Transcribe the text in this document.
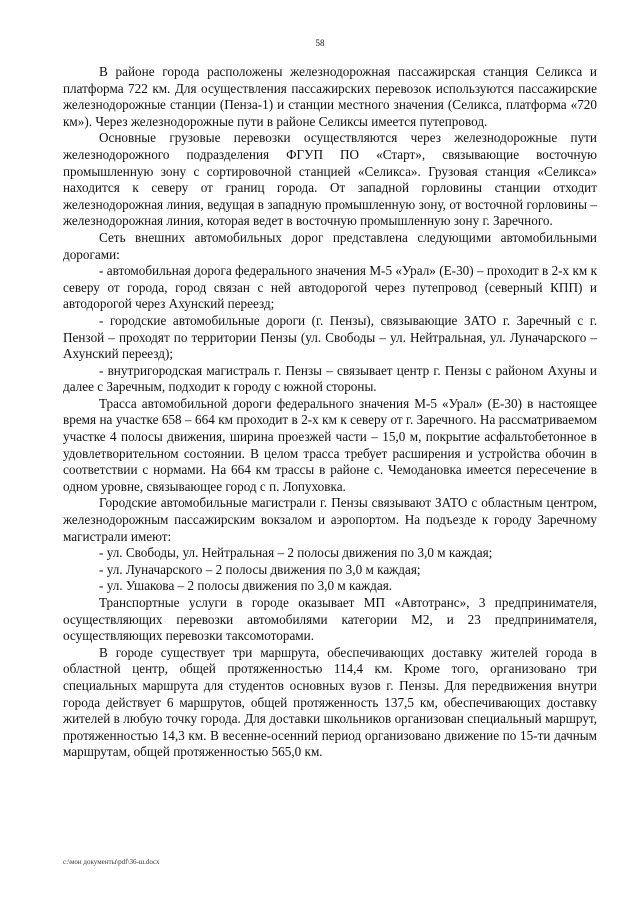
58

В районе города расположены железнодорожная пассажирская станция Селикса и платформа 722 км. Для осуществления пассажирских перевозок используются пассажирские железнодорожные станции (Пенза-1) и станции местного значения (Селикса, платформа «720 км»). Через железнодорожные пути в районе Селиксы имеется путепровод.

Основные грузовые перевозки осуществляются через железнодорожные пути железнодорожного подразделения ФГУП ПО «Старт», связывающие восточную промышленную зону с сортировочной станцией «Селикса». Грузовая станция «Селикса» находится к северу от границ города. От западной горловины станции отходит железнодорожная линия, ведущая в западную промышленную зону, от восточной горловины – железнодорожная линия, которая ведет в восточную промышленную зону г. Заречного.

Сеть внешних автомобильных дорог представлена следующими автомобильными дорогами:

- автомобильная дорога федерального значения М-5 «Урал» (Е-30) – проходит в 2-х км к северу от города, город связан с ней автодорогой через путепровод (северный КПП) и автодорогой через Ахунский переезд;

- городские автомобильные дороги (г. Пензы), связывающие ЗАТО г. Заречный с г. Пензой – проходят по территории Пензы (ул. Свободы – ул. Нейтральная, ул. Луначарского – Ахунский переезд);

- внутригородская магистраль г. Пензы – связывает центр г. Пензы с районом Ахуны и далее с Заречным, подходит к городу с южной стороны.

Трасса автомобильной дороги федерального значения М-5 «Урал» (Е-30) в настоящее время на участке 658 – 664 км проходит в 2-х км к северу от г. Заречного. На рассматриваемом участке 4 полосы движения, ширина проезжей части – 15,0 м, покрытие асфальтобетонное в удовлетворительном состоянии. В целом трасса требует расширения и устройства обочин в соответствии с нормами. На 664 км трассы в районе с. Чемодановка имеется пересечение в одном уровне, связывающее город с п. Лопуховка.

Городские автомобильные магистрали г. Пензы связывают ЗАТО с областным центром, железнодорожным пассажирским вокзалом и аэропортом. На подъезде к городу Заречному магистрали имеют:

- ул. Свободы, ул. Нейтральная – 2 полосы движения по 3,0 м каждая;

- ул. Луначарского – 2 полосы движения по 3,0 м каждая;

- ул. Ушакова – 2 полосы движения по 3,0 м каждая.

Транспортные услуги в городе оказывает МП «Автотранс», 3 предпринимателя, осуществляющих перевозки автомобилями категории М2, и 23 предпринимателя, осуществляющих перевозки таксомоторами.

В городе существует три маршрута, обеспечивающих доставку жителей города в областной центр, общей протяженностью 114,4 км. Кроме того, организовано три специальных маршрута для студентов основных вузов г. Пензы. Для передвижения внутри города действует 6 маршрутов, общей протяженность 137,5 км, обеспечивающих доставку жителей в любую точку города. Для доставки школьников организован специальный маршрут, протяженностью 14,3 км. В весенне-осенний период организовано движение по 15-ти дачным маршрутам, общей протяженностью 565,0 км.

c:\мои документы\pdf\36-ш.docx
